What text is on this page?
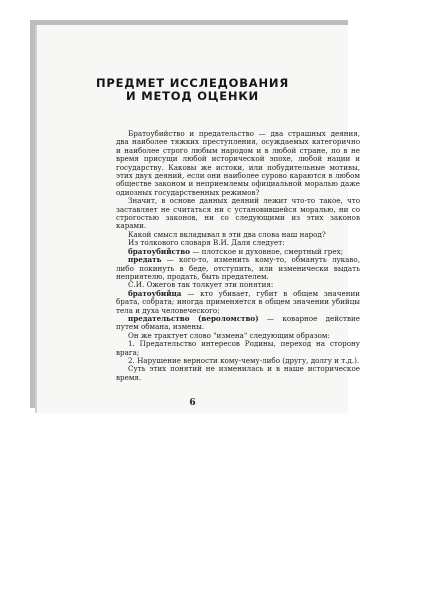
ПРЕДМЕТ ИССЛЕДОВАНИЯ
И МЕТОД ОЦЕНКИ

Братоубийство и предательство — два страшных деяния, два наиболее тяжких преступления, осуждаемых категорично и наиболее строго любым народом и в любой стране, по в не время присущи любой исторической эпохе, любой нации и государству. Каковы же истоки, или побудительные мотивы, этих двух деяний, если они наиболее сурово караются в любом обществе законом и неприемлемы официальной моралью даже одиозных государственных режимов?

Значит, в основе данных деяний лежит что-то такое, что заставляет не считаться ни с установившейся моралью, ни со строгостью законов, ни со следующими из этих законов карами.

Какой смысл вкладывал в эти два слова наш народ?

Из толкового словаря В.И. Даля следует:

братоубийство — плотское и духовное, смертный грех;

предать — кого-то, изменить кому-то, обмануть лукаво, либо покинуть в беде, отступить, или изменически выдать неприятелю, продать, быть предателем.

С.И. Ожегов так толкует эти понятия:

братоубийца — кто убивает, губит в общем значении брата, собрата; иногда применяется в общем значении убийцы тела и духа человеческого;

предательство (вероломство) — коварное действие путем обмана, измены.

Он же трактует слово "измена" следующим образом:

1. Предательство интересов Родины, переход на сторону врага;

2. Нарушение верности кому-чему-либо (другу, долгу и т.д.).

Суть этих понятий не изменилась и в наше историческое время.

6
